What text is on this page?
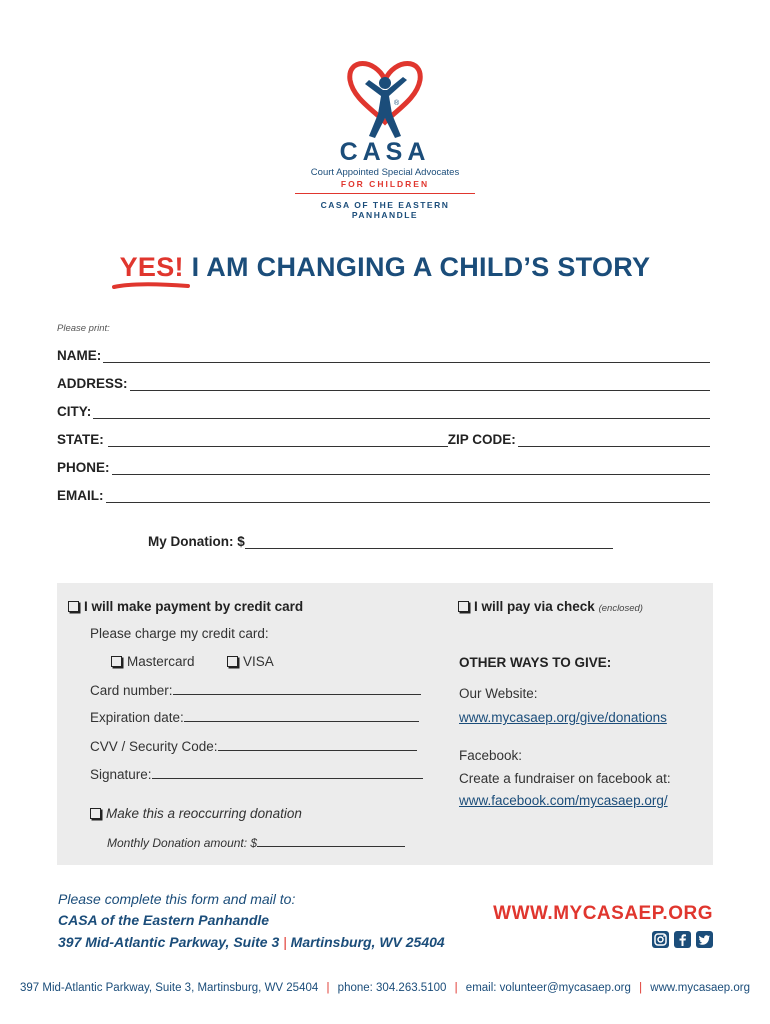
CASA
Court Appointed Special Advocates
FOR CHILDREN
CASA OF THE EASTERN PANHANDLE
YES! I AM CHANGING A CHILD’S STORY
Please print:
NAME:
ADDRESS:
CITY:
STATE:	ZIP CODE:
PHONE:
EMAIL:
My Donation: $
I will make payment by credit card
Please charge my credit card:
Mastercard	VISA
Card number:
Expiration date:
CVV / Security Code:
Signature:
Make this a reoccurring donation
Monthly Donation amount: $
I will pay via check (enclosed)
OTHER WAYS TO GIVE:
Our Website:
www.mycasaep.org/give/donations
Facebook:
Create a fundraiser on facebook at:
www.facebook.com/mycasaep.org/
Please complete this form and mail to:
CASA of the Eastern Panhandle
397 Mid-Atlantic Parkway, Suite 3 | Martinsburg, WV 25404
WWW.MYCASAEP.ORG
397 Mid-Atlantic Parkway, Suite 3, Martinsburg, WV 25404 | phone: 304.263.5100 | email: volunteer@mycasaep.org | www.mycasaep.org
®
